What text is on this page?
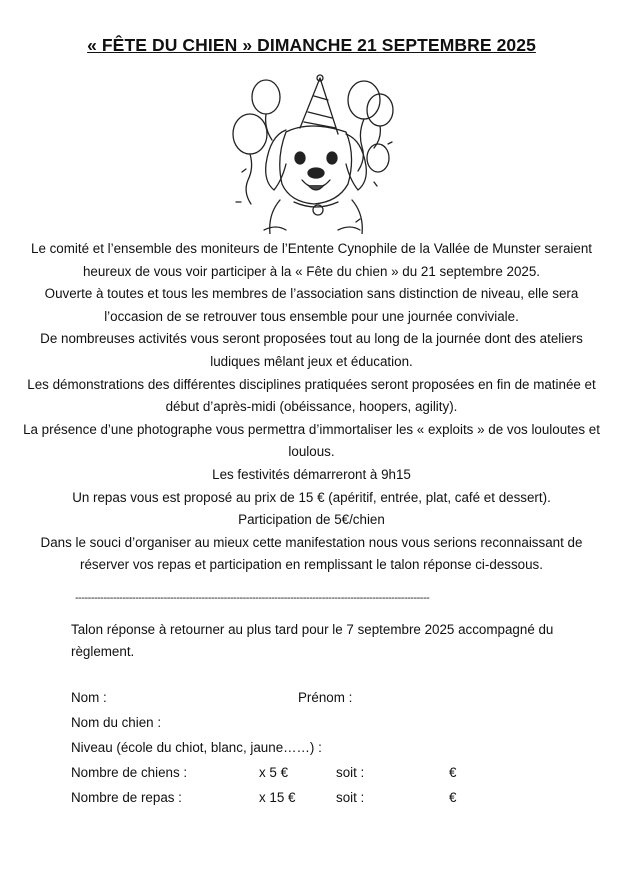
« FÊTE DU CHIEN » DIMANCHE 21 SEPTEMBRE 2025

Le comité et l’ensemble des moniteurs de l’Entente Cynophile de la Vallée de Munster seraient heureux de vous voir participer à la « Fête du chien » du 21 septembre 2025.

Ouverte à toutes et tous les membres de l’association sans distinction de niveau, elle sera l’occasion de se retrouver tous ensemble pour une journée conviviale.

De nombreuses activités vous seront proposées tout au long de la journée dont des ateliers ludiques mêlant jeux et éducation.

Les démonstrations des différentes disciplines pratiquées seront proposées en fin de matinée et début d’après-midi (obéissance, hoopers, agility).

La présence d’une photographe vous permettra d’immortaliser les « exploits » de vos louloutes et loulous.

Les festivités démarreront à 9h15

Un repas vous est proposé au prix de 15 € (apéritif, entrée, plat, café et dessert).

Participation de 5€/chien

Dans le souci d’organiser au mieux cette manifestation nous vous serions reconnaissant de réserver vos repas et participation en remplissant le talon réponse ci-dessous.

----------------------------------------------------------------------------------------------------------------
Talon réponse à retourner au plus tard pour le 7 septembre 2025 accompagné du règlement.
Nom :	Prénom :
Nom du chien :
Niveau (école du chiot, blanc, jaune……) :
Nombre de chiens :	x 5 €	soit :	€
Nombre de repas :	x 15 €	soit :	€
